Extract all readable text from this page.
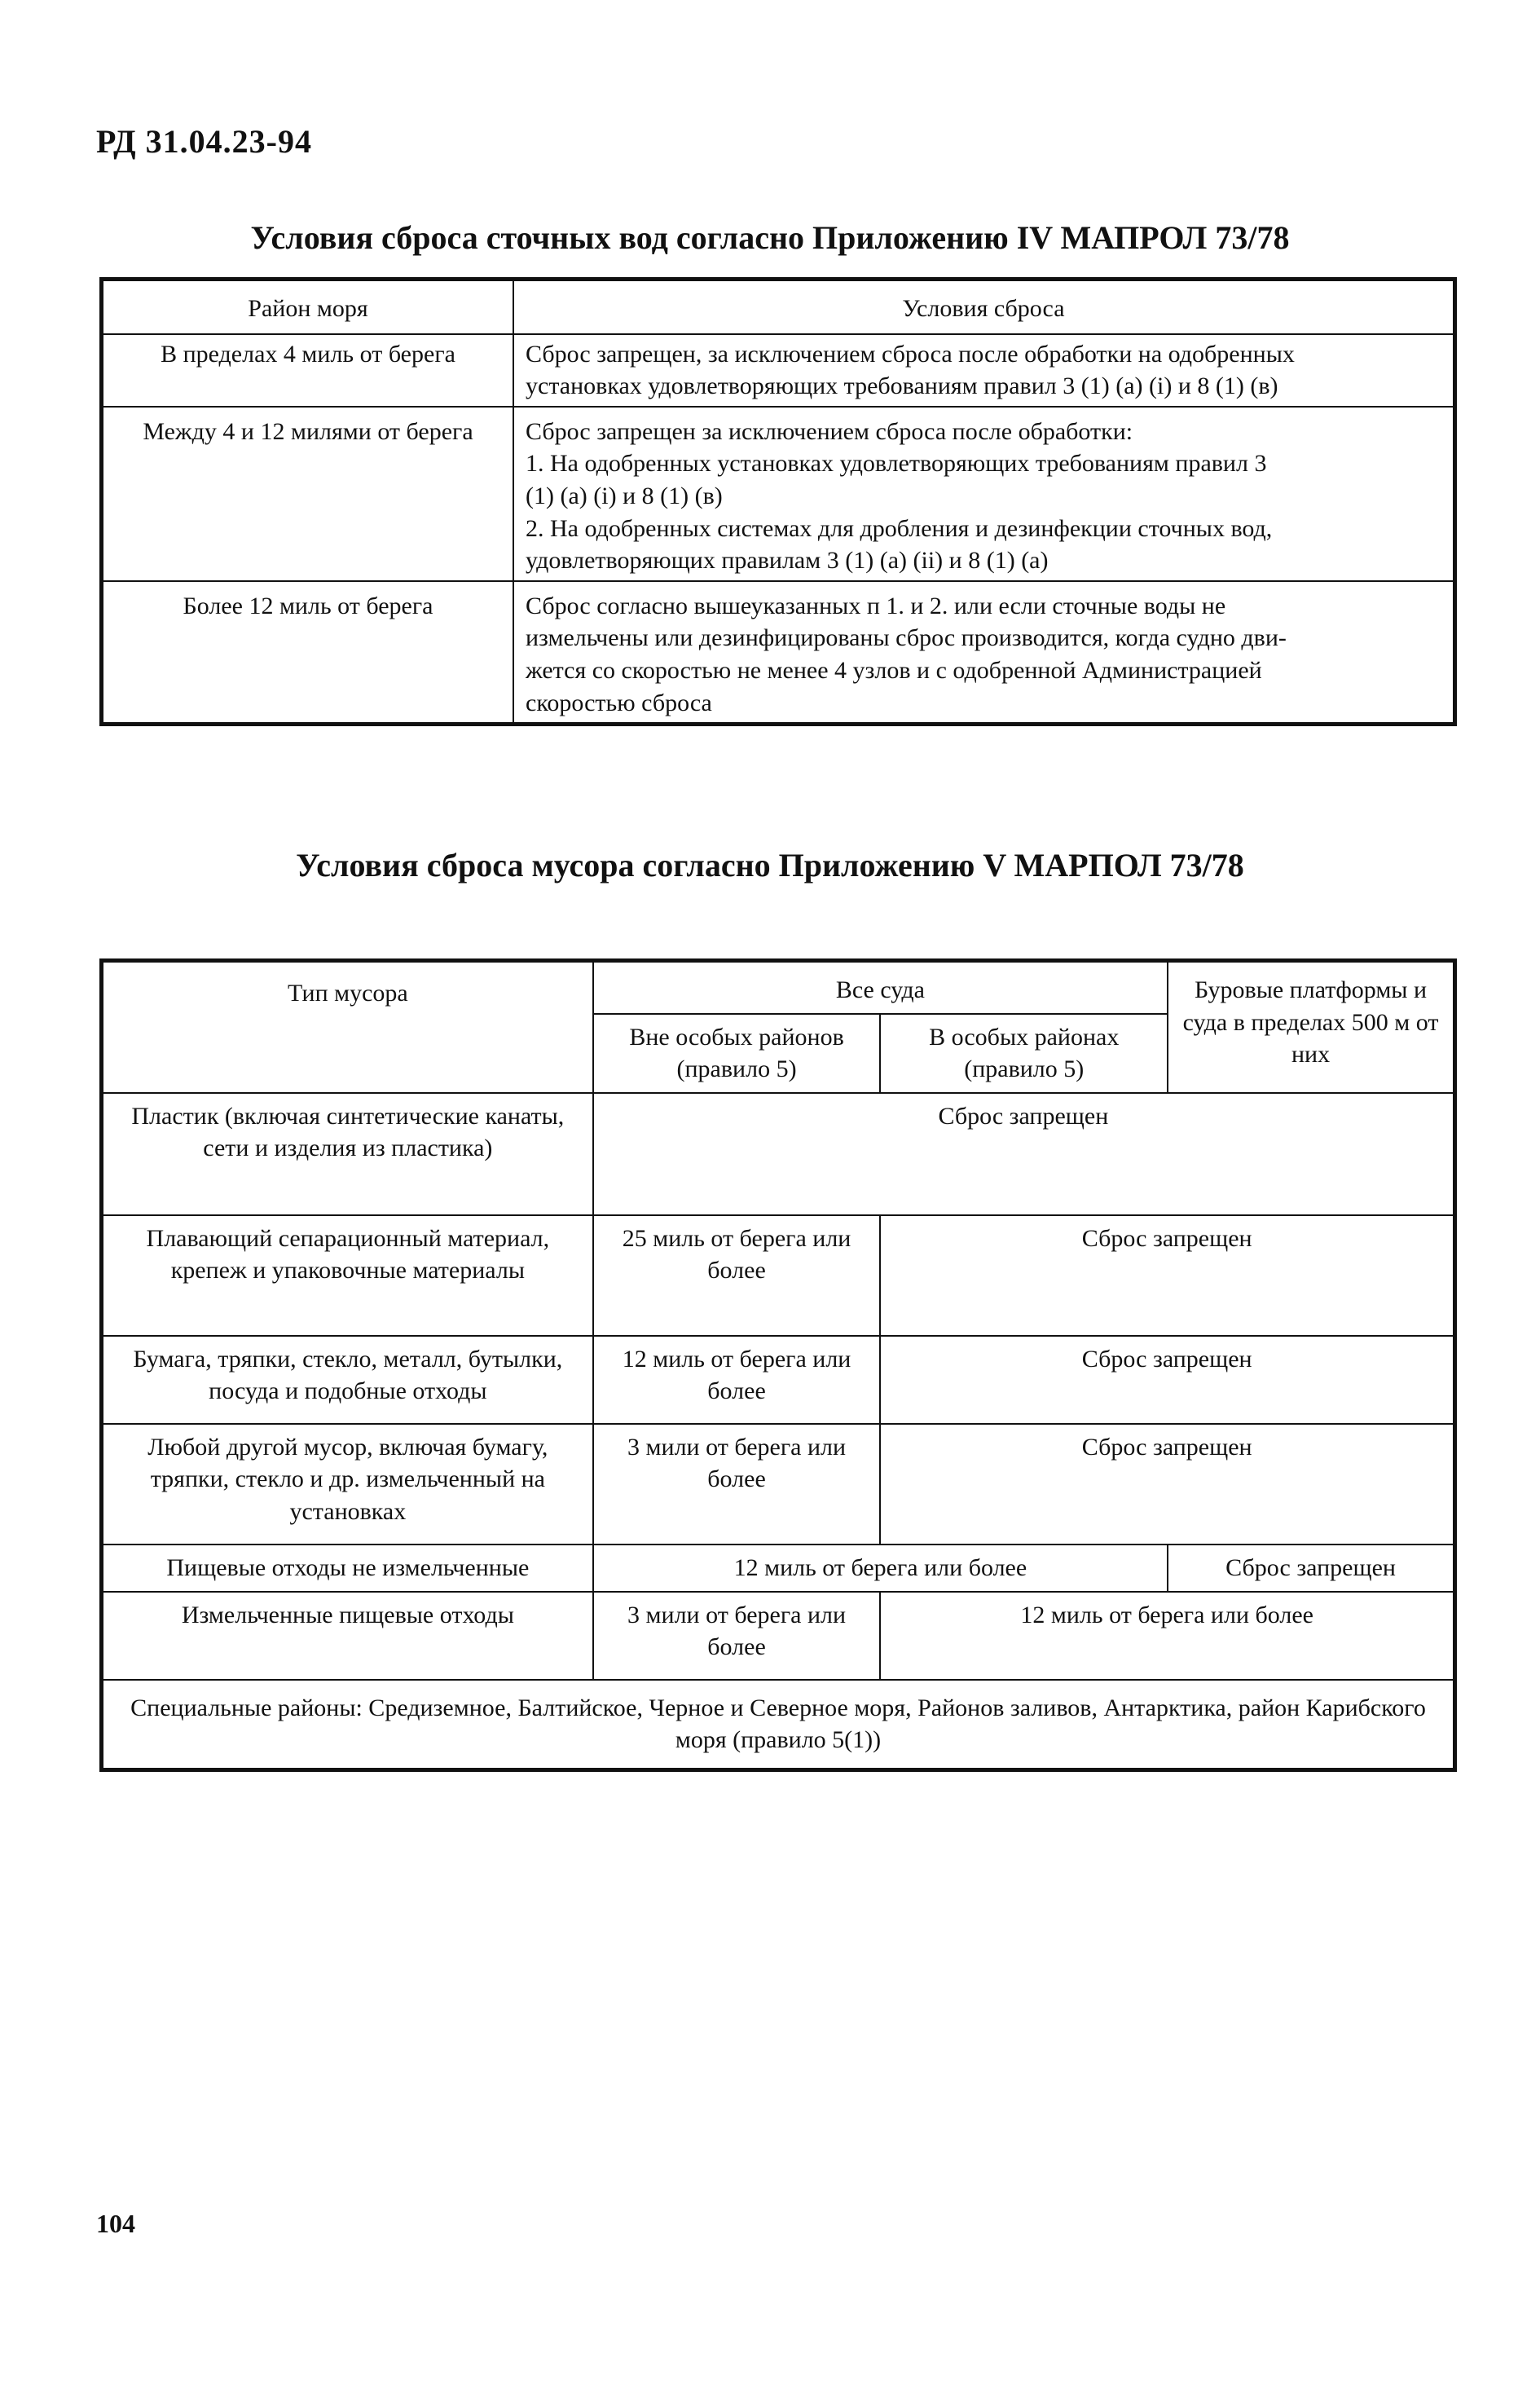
РД 31.04.23-94
Условия сброса сточных вод согласно Приложению IV МАПРОЛ 73/78
Район моря	Условия сброса
В пределах 4 миль от берега	Сброс запрещен, за исключением сброса после обработки на одобренных
установках удовлетворяющих требованиям правил 3 (1) (а) (i) и 8 (1) (в)

Между 4 и 12 милями от берега	Сброс запрещен за исключением сброса после обработки:
1. На одобренных установках удовлетворяющих требованиям правил 3
(1) (а) (i) и 8 (1) (в)
2. На одобренных системах для дробления и дезинфекции сточных вод,
удовлетворяющих правилам 3 (1) (а) (ii) и 8 (1) (а)

Более 12 миль от берега	Сброс согласно вышеуказанных п 1. и 2. или если сточные воды не
измельчены или дезинфицированы сброс производится, когда судно дви-
жется со скоростью не менее 4 узлов и с одобренной Администрацией
скоростью сброса
Условия сброса мусора согласно Приложению V МАРПОЛ 73/78
Тип мусора	Все суда		Буровые платформы и суда в пределах 500 м от них
	Вне особых районов (правило 5)	В особых районах (правило 5)	
Пластик (включая синтетические канаты, сети и изделия из пластика)	Сброс запрещен		
Плавающий сепарационный материал, крепеж и упаковочные материалы	25 миль от берега или более	Сброс запрещен	
Бумага, тряпки, стекло, металл, бутылки, посуда и подобные отходы	12 миль от берега или более	Сброс запрещен	
Любой другой мусор, включая бумагу, тряпки, стекло и др. измельченный на установках	3 мили от берега или более	Сброс запрещен	
Пищевые отходы не измельченные	12 миль от берега или более		Сброс запрещен
Измельченные пищевые отходы	3 мили от берега или более	12 миль от берега или более	
Специальные районы: Средиземное, Балтийское, Черное и Северное моря, Районов заливов, Антарктика, район Карибского моря (правило 5(1))			
104
